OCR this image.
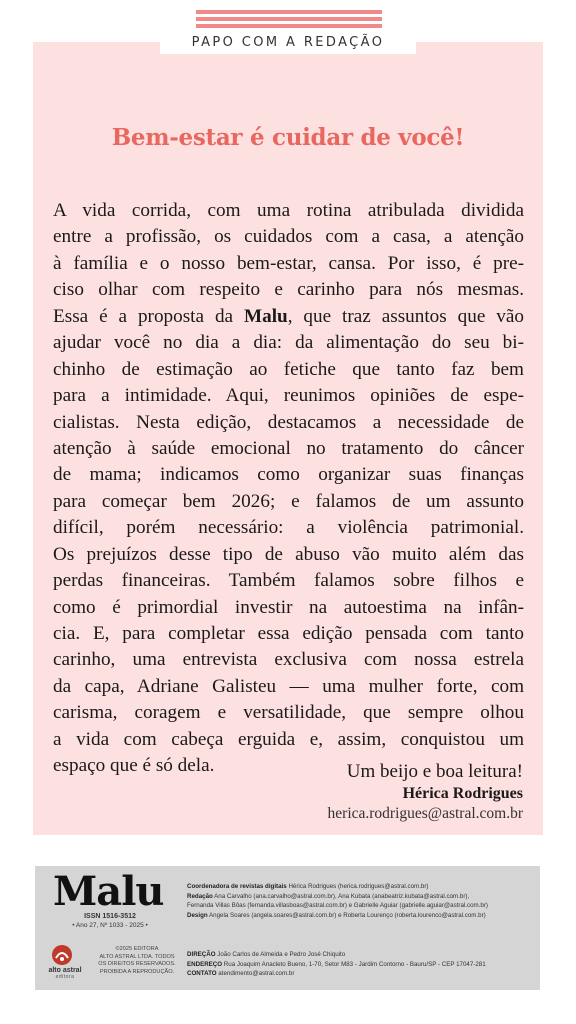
PAPO COM A REDAÇÃO
Bem-estar é cuidar de você!
A vida corrida, com uma rotina atribulada dividida
entre a profissão, os cuidados com a casa, a atenção
à família e o nosso bem-estar, cansa. Por isso, é pre-
ciso olhar com respeito e carinho para nós mesmas.
Essa é a proposta da Malu, que traz assuntos que vão
ajudar você no dia a dia: da alimentação do seu bi-
chinho de estimação ao fetiche que tanto faz bem
para a intimidade. Aqui, reunimos opiniões de espe-
cialistas. Nesta edição, destacamos a necessidade de
atenção à saúde emocional no tratamento do câncer
de mama; indicamos como organizar suas finanças
para começar bem 2026; e falamos de um assunto
difícil, porém necessário: a violência patrimonial.
Os prejuízos desse tipo de abuso vão muito além das
perdas financeiras. Também falamos sobre filhos e
como é primordial investir na autoestima na infân-
cia. E, para completar essa edição pensada com tanto
carinho, uma entrevista exclusiva com nossa estrela
da capa, Adriane Galisteu — uma mulher forte, com
carisma, coragem e versatilidade, que sempre olhou
a vida com cabeça erguida e, assim, conquistou um
espaço que é só dela.	Um beijo e boa leitura!
Hérica Rodrigues
herica.rodrigues@astral.com.br
Malu
ISSN 1516-3512
• Ano 27, Nº 1033 - 2025 •
alto astral
editora
©2025 EDITORA
ALTO ASTRAL LTDA. TODOS
OS DIREITOS RESERVADOS.
PROIBIDA A REPRODUÇÃO.
Coordenadora de revistas digitais Hérica Rodrigues (herica.rodrigues@astral.com.br)
Redação Ana Carvalho (ana.carvalho@astral.com.br), Ana Kubata (anabeatriz.kubata@astral.com.br),
Fernanda Villas Bôas (fernanda.villasboas@astral.com.br) e Gabrielle Aguiar (gabrielle.aguiar@astral.com.br)
Design Angela Soares (angela.soares@astral.com.br) e Roberta Lourenço (roberta.lourenco@astral.com.br)
DIREÇÃO João Carlos de Almeida e Pedro José Chiquito
ENDEREÇO Rua Joaquim Anacleto Bueno, 1-70, Setor M83 - Jardim Contorno - Bauru/SP - CEP 17047-281
CONTATO atendimento@astral.com.br
